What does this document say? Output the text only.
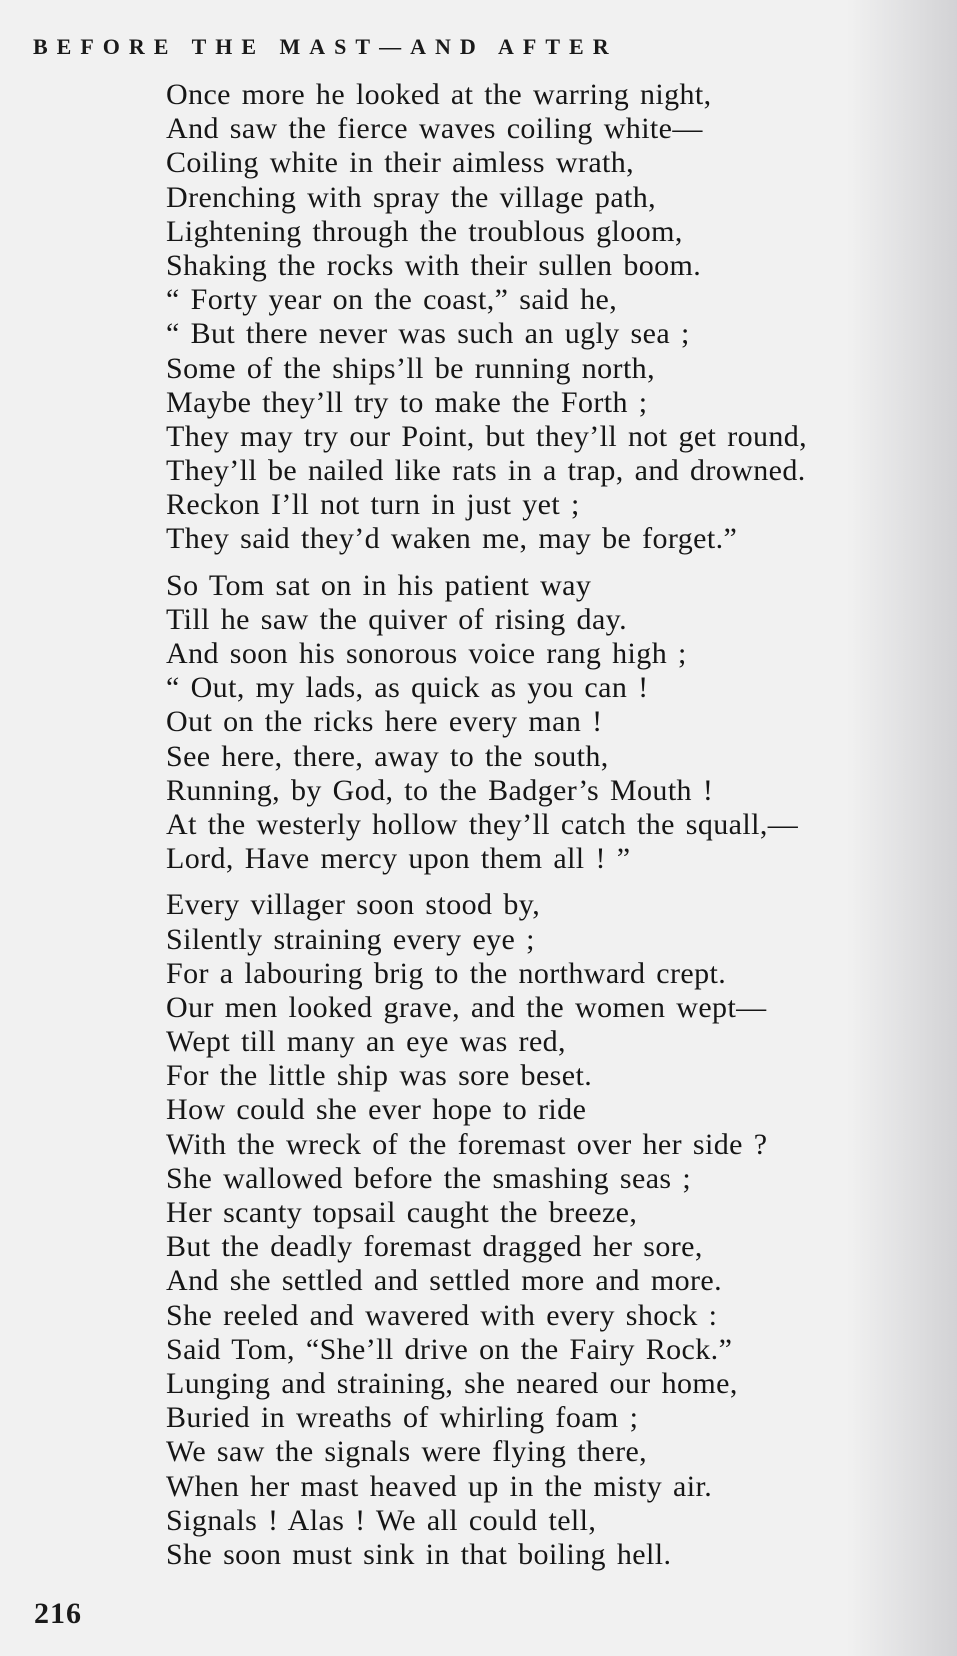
BEFORE THE MAST—AND AFTER
Once more he looked at the warring night,
And saw the fierce waves coiling white—
Coiling white in their aimless wrath,
Drenching with spray the village path,
Lightening through the troublous gloom,
Shaking the rocks with their sullen boom.
“ Forty year on the coast,” said he,
“ But there never was such an ugly sea ;
Some of the ships’ll be running north,
Maybe they’ll try to make the Forth ;
They may try our Point, but they’ll not get round,
They’ll be nailed like rats in a trap, and drowned.
Reckon I’ll not turn in just yet ;
They said they’d waken me, may be forget.”
So Tom sat on in his patient way
Till he saw the quiver of rising day.
And soon his sonorous voice rang high ;
“ Out, my lads, as quick as you can !
Out on the ricks here every man !
See here, there, away to the south,
Running, by God, to the Badger’s Mouth !
At the westerly hollow they’ll catch the squall,—
Lord, Have mercy upon them all ! ”
Every villager soon stood by,
Silently straining every eye ;
For a labouring brig to the northward crept.
Our men looked grave, and the women wept—
Wept till many an eye was red,
For the little ship was sore beset.
How could she ever hope to ride
With the wreck of the foremast over her side ?
She wallowed before the smashing seas ;
Her scanty topsail caught the breeze,
But the deadly foremast dragged her sore,
And she settled and settled more and more.
She reeled and wavered with every shock :
Said Tom, “She’ll drive on the Fairy Rock.”
Lunging and straining, she neared our home,
Buried in wreaths of whirling foam ;
We saw the signals were flying there,
When her mast heaved up in the misty air.
Signals ! Alas ! We all could tell,
She soon must sink in that boiling hell.
216
